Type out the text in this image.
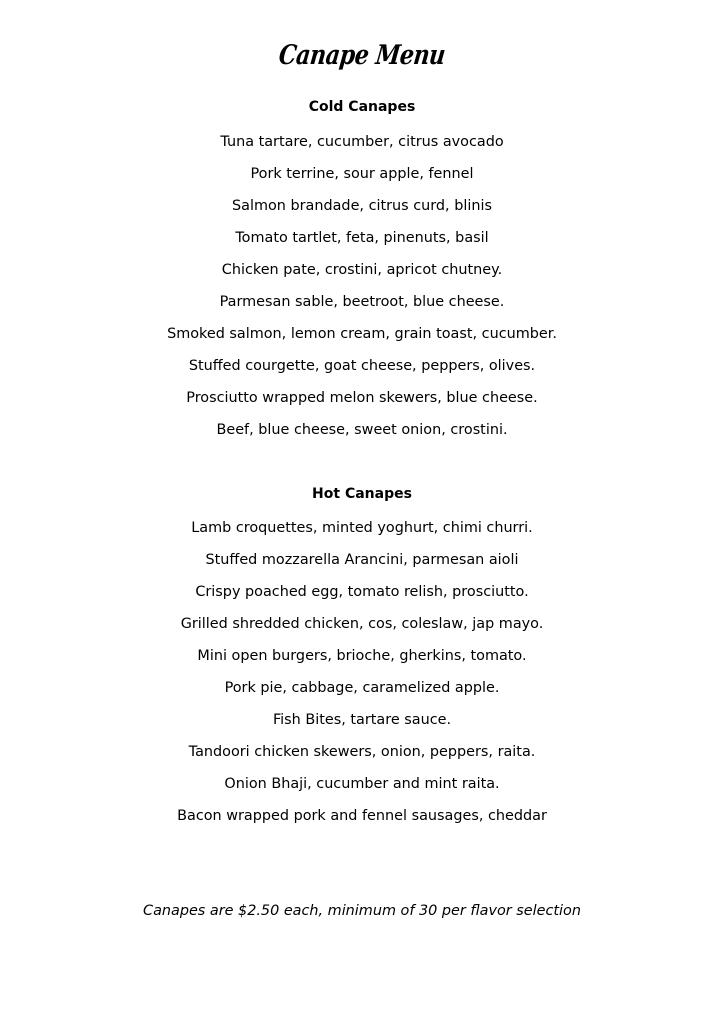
Canape Menu
Cold Canapes
Tuna tartare, cucumber, citrus avocado
Pork terrine, sour apple, fennel
Salmon brandade, citrus curd, blinis
Tomato tartlet, feta, pinenuts, basil
Chicken pate, crostini, apricot chutney.
Parmesan sable, beetroot, blue cheese.
Smoked salmon, lemon cream, grain toast, cucumber.
Stuffed courgette, goat cheese, peppers, olives.
Prosciutto wrapped melon skewers, blue cheese.
Beef, blue cheese, sweet onion, crostini.
Hot Canapes
Lamb croquettes, minted yoghurt, chimi churri.
Stuffed mozzarella Arancini, parmesan aioli
Crispy poached egg, tomato relish, prosciutto.
Grilled shredded chicken, cos, coleslaw, jap mayo.
Mini open burgers, brioche, gherkins, tomato.
Pork pie, cabbage, caramelized apple.
Fish Bites, tartare sauce.
Tandoori chicken skewers, onion, peppers, raita.
Onion Bhaji, cucumber and mint raita.
Bacon wrapped pork and fennel sausages, cheddar
Canapes are $2.50 each, minimum of 30 per flavor selection
